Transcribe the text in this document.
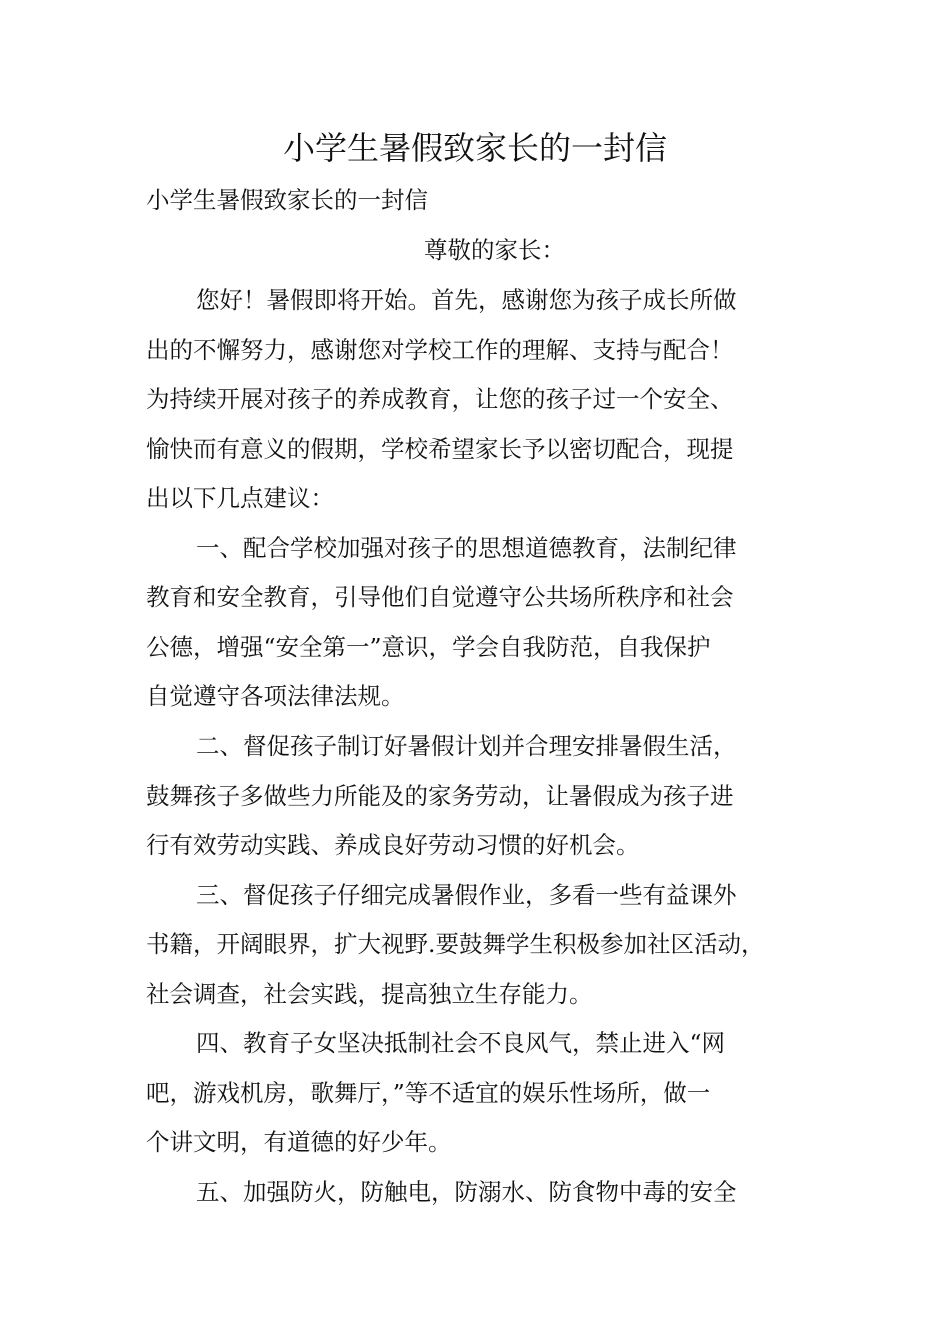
小学生暑假致家长的一封信
小学生暑假致家长的一封信
尊敬的家长：
您好！暑假即将开始。首先，感谢您为孩子成长所做
出的不懈努力，感谢您对学校工作的理解、支持与配合！
为持续开展对孩子的养成教育，让您的孩子过一个安全、
愉快而有意义的假期，学校希望家长予以密切配合，现提
出以下几点建议：
一、配合学校加强对孩子的思想道德教育，法制纪律
教育和安全教育，引导他们自觉遵守公共场所秩序和社会
公德，增强“安全第一”意识，学会自我防范，自我保护
自觉遵守各项法律法规。
二、督促孩子制订好暑假计划并合理安排暑假生活，
鼓舞孩子多做些力所能及的家务劳动，让暑假成为孩子进
行有效劳动实践、养成良好劳动习惯的好机会。
三、督促孩子仔细完成暑假作业，多看一些有益课外
书籍，开阔眼界，扩大视野.要鼓舞学生积极参加社区活动，
社会调查，社会实践，提高独立生存能力。
四、教育子女坚决抵制社会不良风气，禁止进入“网
吧，游戏机房，歌舞厅，”等不适宜的娱乐性场所，做一
个讲文明，有道德的好少年。
五、加强防火，防触电，防溺水、防食物中毒的安全
